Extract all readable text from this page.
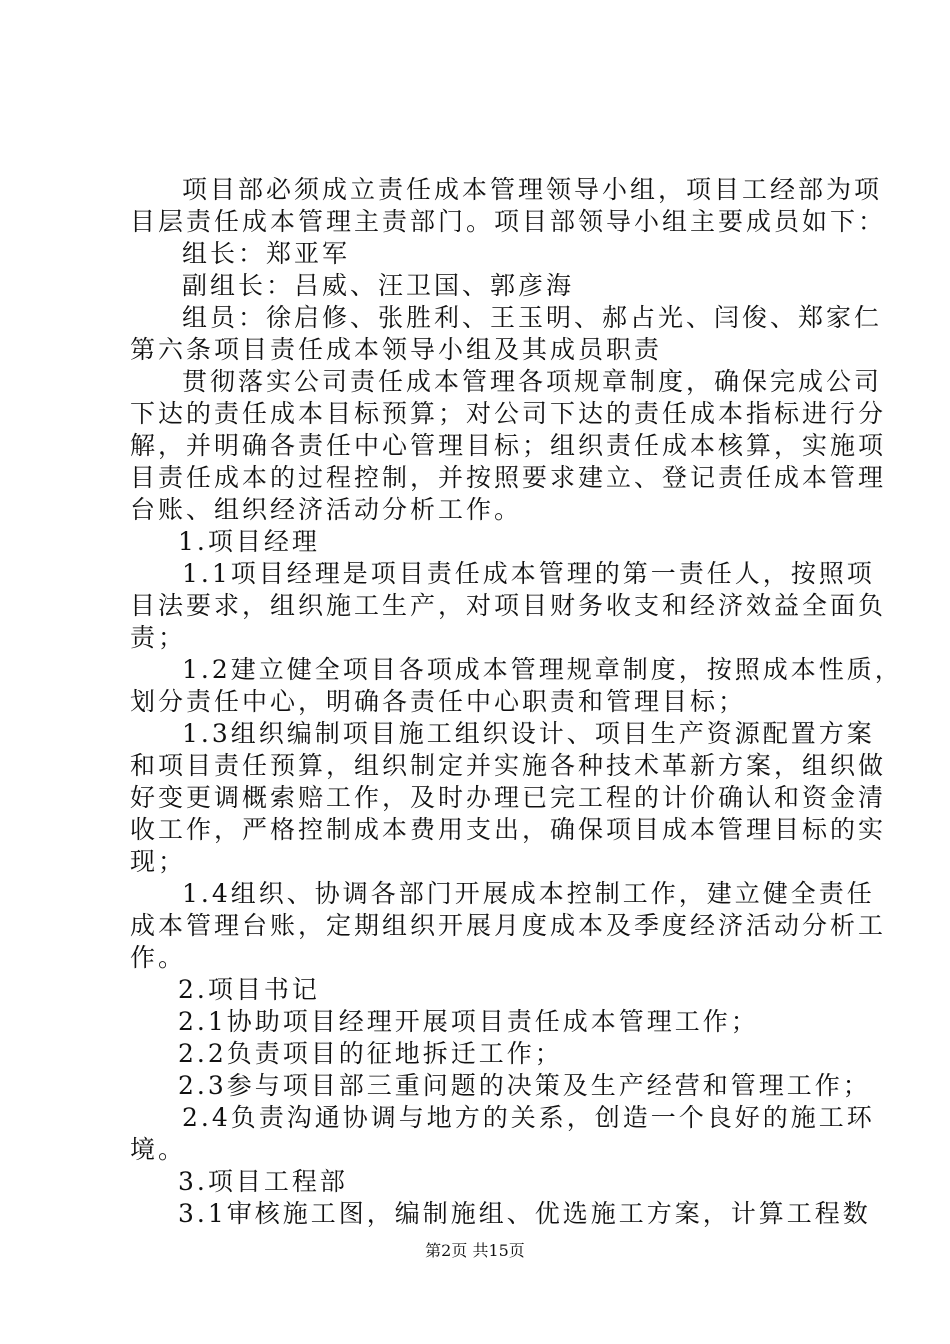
项目部必须成立责任成本管理领导小组，项目工经部为项
目层责任成本管理主责部门。项目部领导小组主要成员如下：
组长：郑亚军
副组长：吕威、汪卫国、郭彦海
组员：徐启修、张胜利、王玉明、郝占光、闫俊、郑家仁
第六条项目责任成本领导小组及其成员职责
贯彻落实公司责任成本管理各项规章制度，确保完成公司
下达的责任成本目标预算；对公司下达的责任成本指标进行分
解，并明确各责任中心管理目标；组织责任成本核算，实施项
目责任成本的过程控制，并按照要求建立、登记责任成本管理
台账、组织经济活动分析工作。
1.项目经理
1.1项目经理是项目责任成本管理的第一责任人，按照项
目法要求，组织施工生产，对项目财务收支和经济效益全面负
责；
1.2建立健全项目各项成本管理规章制度，按照成本性质，
划分责任中心，明确各责任中心职责和管理目标；
1.3组织编制项目施工组织设计、项目生产资源配置方案
和项目责任预算，组织制定并实施各种技术革新方案，组织做
好变更调概索赔工作，及时办理已完工程的计价确认和资金清
收工作，严格控制成本费用支出，确保项目成本管理目标的实
现；
1.4组织、协调各部门开展成本控制工作，建立健全责任
成本管理台账，定期组织开展月度成本及季度经济活动分析工
作。
2.项目书记
2.1协助项目经理开展项目责任成本管理工作；
2.2负责项目的征地拆迁工作；
2.3参与项目部三重问题的决策及生产经营和管理工作；
2.4负责沟通协调与地方的关系，创造一个良好的施工环
境。
3.项目工程部
3.1审核施工图，编制施组、优选施工方案，计算工程数
第2页 共15页
